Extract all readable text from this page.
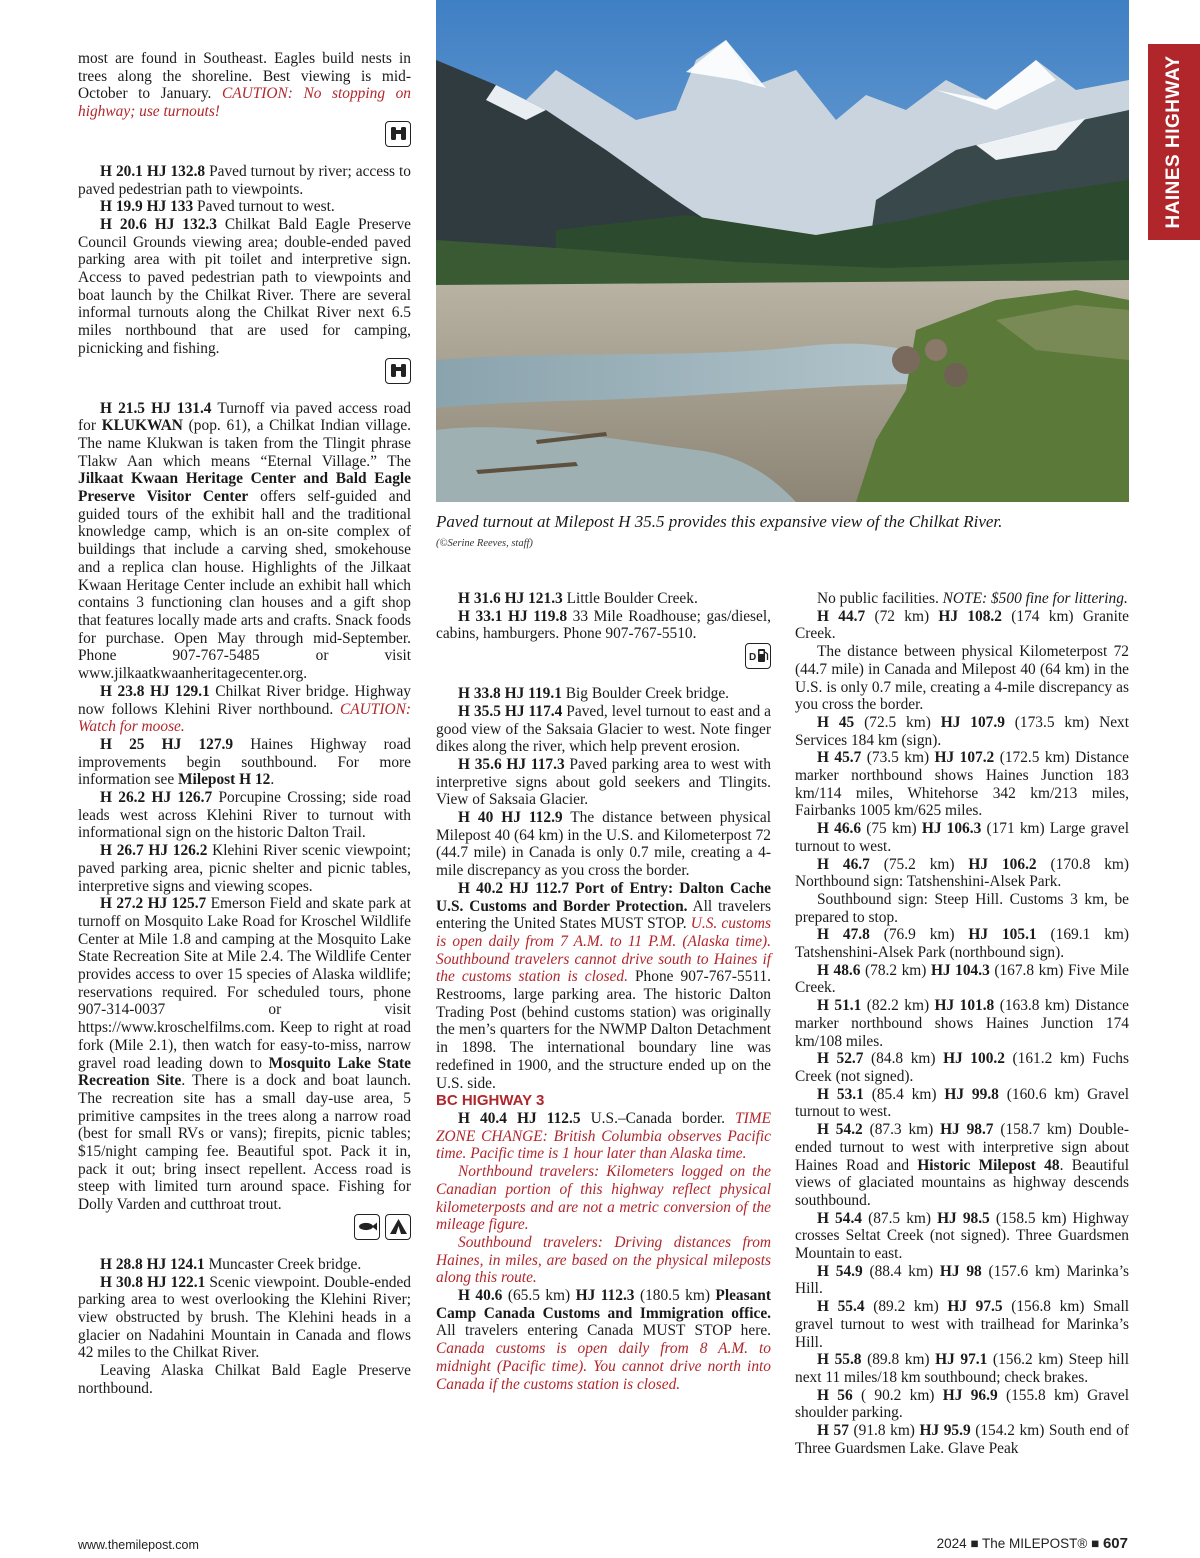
Paved turnout at Milepost H 35.5 provides this expansive view of the Chilkat River.
(©Serine Reeves, staff)
HAINES HIGHWAY

most are found in Southeast. Eagles build nests in trees along the shoreline. Best viewing is mid-October to January. CAUTION: No stopping on highway; use turnouts!

H 20.1 HJ 132.8 Paved turnout by river; access to paved pedestrian path to viewpoints.

H 19.9 HJ 133 Paved turnout to west.

H 20.6 HJ 132.3 Chilkat Bald Eagle Preserve Council Grounds viewing area; double-ended paved parking area with pit toilet and interpretive sign. Access to paved pedestrian path to viewpoints and boat launch by the Chilkat River. There are several informal turnouts along the Chilkat River next 6.5 miles northbound that are used for camping, picnicking and fishing.

H 21.5 HJ 131.4 Turnoff via paved access road for KLUKWAN (pop. 61), a Chilkat Indian village. The name Klukwan is taken from the Tlingit phrase Tlakw Aan which means “Eternal Village.” The Jilkaat Kwaan Heritage Center and Bald Eagle Preserve Visitor Center offers self-guided and guided tours of the exhibit hall and the traditional knowledge camp, which is an on-site complex of buildings that include a carving shed, smokehouse and a replica clan house. Highlights of the Jilkaat Kwaan Heritage Center include an exhibit hall which contains 3 functioning clan houses and a gift shop that features locally made arts and crafts. Snack foods for purchase. Open May through mid-September. Phone 907-767-5485 or visit www.jilkaatkwaanheritagecenter.org.

H 23.8 HJ 129.1 Chilkat River bridge. Highway now follows Klehini River northbound. CAUTION: Watch for moose.

H 25 HJ 127.9 Haines Highway road improvements begin southbound. For more information see Milepost H 12.

H 26.2 HJ 126.7 Porcupine Crossing; side road leads west across Klehini River to turnout with informational sign on the historic Dalton Trail.

H 26.7 HJ 126.2 Klehini River scenic viewpoint; paved parking area, picnic shelter and picnic tables, interpretive signs and viewing scopes.

H 27.2 HJ 125.7 Emerson Field and skate park at turnoff on Mosquito Lake Road for Kroschel Wildlife Center at Mile 1.8 and camping at the Mosquito Lake State Recreation Site at Mile 2.4. The Wildlife Center provides access to over 15 species of Alaska wildlife; reservations required. For scheduled tours, phone 907-314-0037 or visit https://www.kroschelfilms.com. Keep to right at road fork (Mile 2.1), then watch for easy-to-miss, narrow gravel road leading down to Mosquito Lake State Recreation Site. There is a dock and boat launch. The recreation site has a small day-use area, 5 primitive campsites in the trees along a narrow road (best for small RVs or vans); firepits, picnic tables; $15/night camping fee. Beautiful spot. Pack it in, pack it out; bring insect repellent. Access road is steep with limited turn around space. Fishing for Dolly Varden and cutthroat trout.

H 28.8 HJ 124.1 Muncaster Creek bridge.

H 30.8 HJ 122.1 Scenic viewpoint. Double-ended parking area to west overlooking the Klehini River; view obstructed by brush. The Klehini heads in a glacier on Nadahini Mountain in Canada and flows 42 miles to the Chilkat River.

Leaving Alaska Chilkat Bald Eagle Preserve northbound.

H 31.6 HJ 121.3 Little Boulder Creek.

H 33.1 HJ 119.8 33 Mile Roadhouse; gas/diesel, cabins, hamburgers. Phone 907-767-5510.

D

H 33.8 HJ 119.1 Big Boulder Creek bridge.

H 35.5 HJ 117.4 Paved, level turnout to east and a good view of the Saksaia Glacier to west. Note finger dikes along the river, which help prevent erosion.

H 35.6 HJ 117.3 Paved parking area to west with interpretive signs about gold seekers and Tlingits. View of Saksaia Glacier.

H 40 HJ 112.9 The distance between physical Milepost 40 (64 km) in the U.S. and Kilometerpost 72 (44.7 mile) in Canada is only 0.7 mile, creating a 4-mile discrepancy as you cross the border.

H 40.2 HJ 112.7 Port of Entry: Dalton Cache U.S. Customs and Border Protection. All travelers entering the United States MUST STOP. U.S. customs is open daily from 7 A.M. to 11 P.M. (Alaska time). Southbound travelers cannot drive south to Haines if the customs station is closed. Phone 907-767-5511. Restrooms, large parking area. The historic Dalton Trading Post (behind customs station) was originally the men’s quarters for the NWMP Dalton Detachment in 1898. The international boundary line was redefined in 1900, and the structure ended up on the U.S. side.

BC HIGHWAY 3

H 40.4 HJ 112.5 U.S.–Canada border. TIME ZONE CHANGE: British Columbia observes Pacific time. Pacific time is 1 hour later than Alaska time.

Northbound travelers: Kilometers logged on the Canadian portion of this highway reflect physical kilometerposts and are not a metric conversion of the mileage figure.

Southbound travelers: Driving distances from Haines, in miles, are based on the physical mileposts along this route.

H 40.6 (65.5 km) HJ 112.3 (180.5 km) Pleasant Camp Canada Customs and Immigration office. All travelers entering Canada MUST STOP here. Canada customs is open daily from 8 A.M. to midnight (Pacific time). You cannot drive north into Canada if the customs station is closed.

No public facilities. NOTE: $500 fine for littering.

H 44.7 (72 km) HJ 108.2 (174 km) Granite Creek.

The distance between physical Kilometerpost 72 (44.7 mile) in Canada and Milepost 40 (64 km) in the U.S. is only 0.7 mile, creating a 4-mile discrepancy as you cross the border.

H 45 (72.5 km) HJ 107.9 (173.5 km) Next Services 184 km (sign).

H 45.7 (73.5 km) HJ 107.2 (172.5 km) Distance marker northbound shows Haines Junction 183 km/114 miles, Whitehorse 342 km/213 miles, Fairbanks 1005 km/625 miles.

H 46.6 (75 km) HJ 106.3 (171 km) Large gravel turnout to west.

H 46.7 (75.2 km) HJ 106.2 (170.8 km) Northbound sign: Tatshenshini-Alsek Park.

Southbound sign: Steep Hill. Customs 3 km, be prepared to stop.

H 47.8 (76.9 km) HJ 105.1 (169.1 km) Tatshenshini-Alsek Park (northbound sign).

H 48.6 (78.2 km) HJ 104.3 (167.8 km) Five Mile Creek.

H 51.1 (82.2 km) HJ 101.8 (163.8 km) Distance marker northbound shows Haines Junction 174 km/108 miles.

H 52.7 (84.8 km) HJ 100.2 (161.2 km) Fuchs Creek (not signed).

H 53.1 (85.4 km) HJ 99.8 (160.6 km) Gravel turnout to west.

H 54.2 (87.3 km) HJ 98.7 (158.7 km) Double-ended turnout to west with interpretive sign about Haines Road and Historic Milepost 48. Beautiful views of glaciated mountains as highway descends southbound.

H 54.4 (87.5 km) HJ 98.5 (158.5 km) Highway crosses Seltat Creek (not signed). Three Guardsmen Mountain to east.

H 54.9 (88.4 km) HJ 98 (157.6 km) Marinka’s Hill.

H 55.4 (89.2 km) HJ 97.5 (156.8 km) Small gravel turnout to west with trailhead for Marinka’s Hill.

H 55.8 (89.8 km) HJ 97.1 (156.2 km) Steep hill next 11 miles/18 km southbound; check brakes.

H 56 ( 90.2 km) HJ 96.9 (155.8 km) Gravel shoulder parking.

H 57 (91.8 km) HJ 95.9 (154.2 km) South end of Three Guardsmen Lake. Glave Peak

www.themilepost.com	2024 ■ The MILEPOST® ■ 607
